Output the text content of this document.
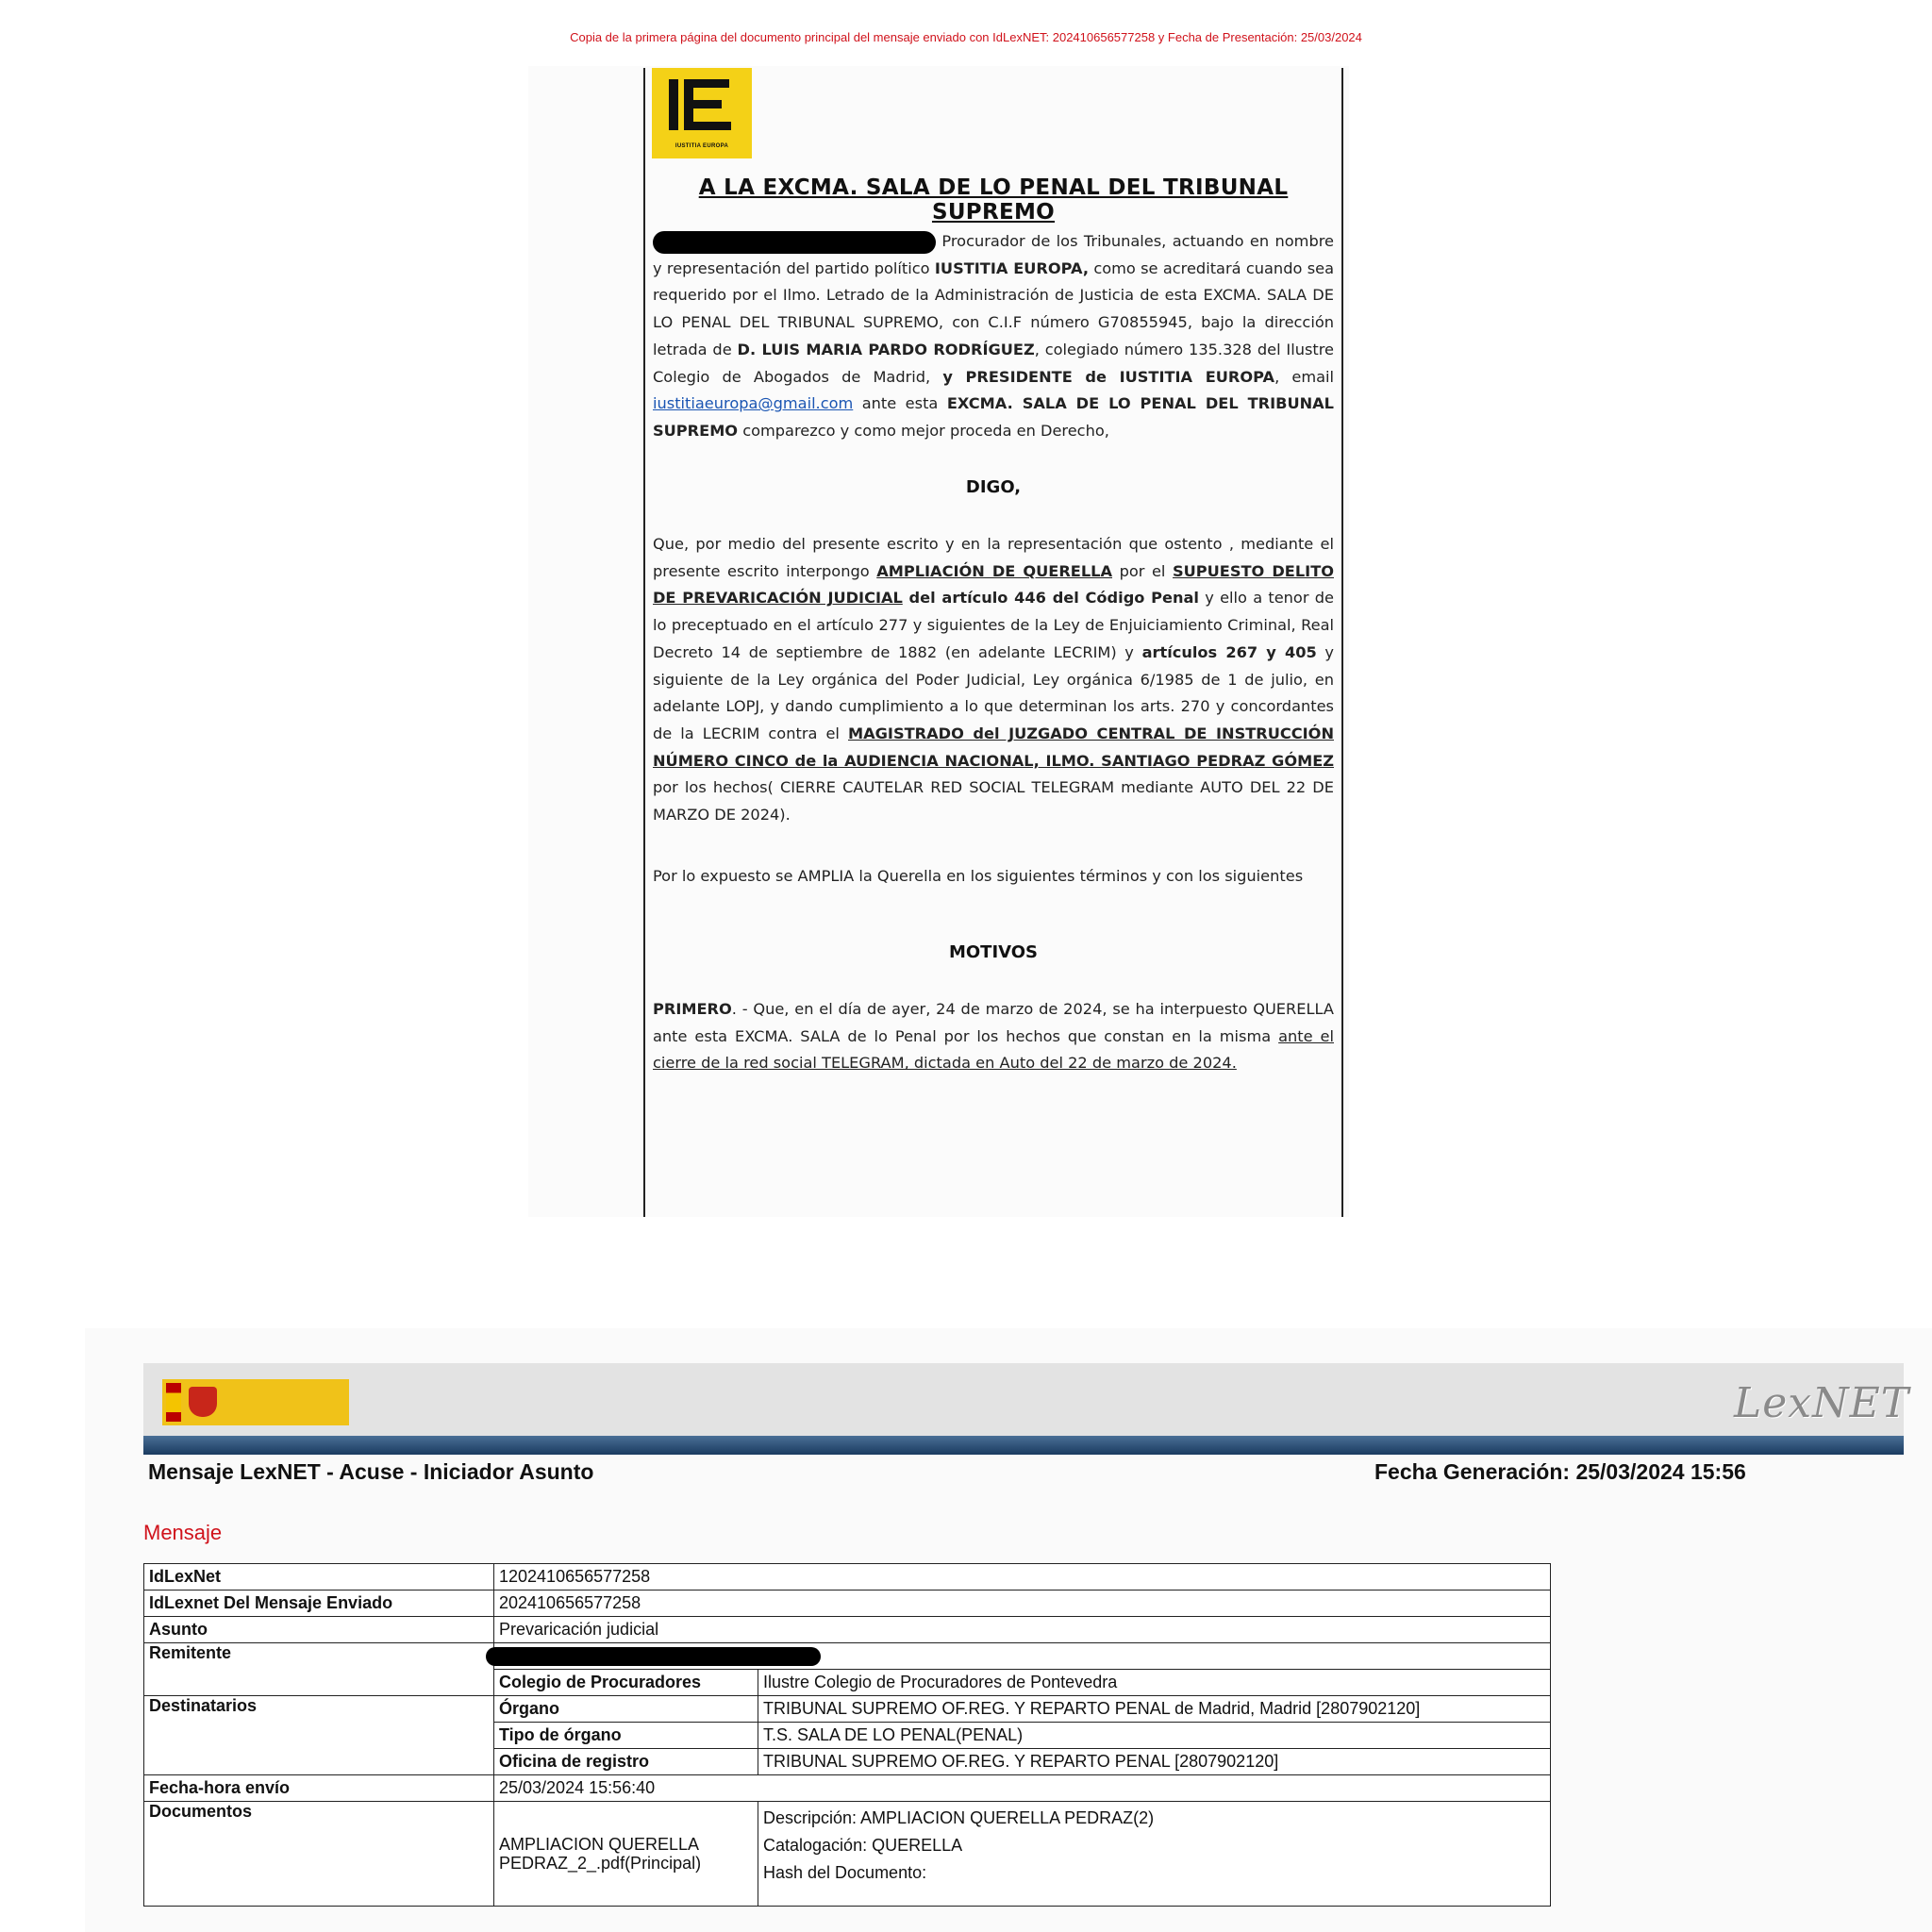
Copia de la primera página del documento principal del mensaje enviado con IdLexNET: 202410656577258 y Fecha de Presentación: 25/03/2024
IUSTITIA EUROPA
A LA EXCMA. SALA DE LO PENAL DEL TRIBUNAL SUPREMO

Procurador de los Tribunales, actuando en nombre y representación del partido político IUSTITIA EUROPA, como se acreditará cuando sea requerido por el Ilmo. Letrado de la Administración de Justicia de esta EXCMA. SALA DE LO PENAL DEL TRIBUNAL SUPREMO, con C.I.F número G70855945, bajo la dirección letrada de D. LUIS MARIA PARDO RODRÍGUEZ, colegiado número 135.328 del Ilustre Colegio de Abogados de Madrid, y PRESIDENTE de IUSTITIA EUROPA, email iustitiaeuropa@gmail.com ante esta EXCMA. SALA DE LO PENAL DEL TRIBUNAL SUPREMO comparezco y como mejor proceda en Derecho,

DIGO,

Que, por medio del presente escrito y en la representación que ostento , mediante el presente escrito interpongo AMPLIACIÓN DE QUERELLA por el SUPUESTO DELITO DE PREVARICACIÓN JUDICIAL del artículo 446 del Código Penal y ello a tenor de lo preceptuado en el artículo 277 y siguientes de la Ley de Enjuiciamiento Criminal, Real Decreto 14 de septiembre de 1882 (en adelante LECRIM) y artículos 267 y 405 y siguiente de la Ley orgánica del Poder Judicial, Ley orgánica 6/1985 de 1 de julio, en adelante LOPJ, y dando cumplimiento a lo que determinan los arts. 270 y concordantes de la LECRIM contra el MAGISTRADO del JUZGADO CENTRAL DE INSTRUCCIÓN NÚMERO CINCO de la AUDIENCIA NACIONAL, ILMO. SANTIAGO PEDRAZ GÓMEZ por los hechos( CIERRE CAUTELAR RED SOCIAL TELEGRAM mediante AUTO DEL 22 DE MARZO DE 2024).

Por lo expuesto se AMPLIA la Querella en los siguientes términos y con los siguientes

MOTIVOS

PRIMERO. - Que, en el día de ayer, 24 de marzo de 2024, se ha interpuesto QUERELLA ante esta EXCMA. SALA de lo Penal por los hechos que constan en la misma ante el cierre de la red social TELEGRAM, dictada en Auto del 22 de marzo de 2024.

LexNET
Mensaje LexNET - Acuse - Iniciador Asunto	Fecha Generación: 25/03/2024 15:56
Mensaje
IdLexNet	1202410656577258	
IdLexnet Del Mensaje Enviado	202410656577258	
Asunto	Prevaricación judicial	
Remitente		
	Colegio de Procuradores	Ilustre Colegio de Procuradores de Pontevedra
Destinatarios	Órgano	TRIBUNAL SUPREMO OF.REG. Y REPARTO PENAL de Madrid, Madrid [2807902120]
	Tipo de órgano	T.S. SALA DE LO PENAL(PENAL)
	Oficina de registro	TRIBUNAL SUPREMO OF.REG. Y REPARTO PENAL [2807902120]
Fecha-hora envío	25/03/2024 15:56:40	
Documentos	AMPLIACION QUERELLA PEDRAZ_2_.pdf(Principal)	Descripción: AMPLIACION QUERELLA PEDRAZ(2)
Catalogación: QUERELLA
Hash del Documento:
